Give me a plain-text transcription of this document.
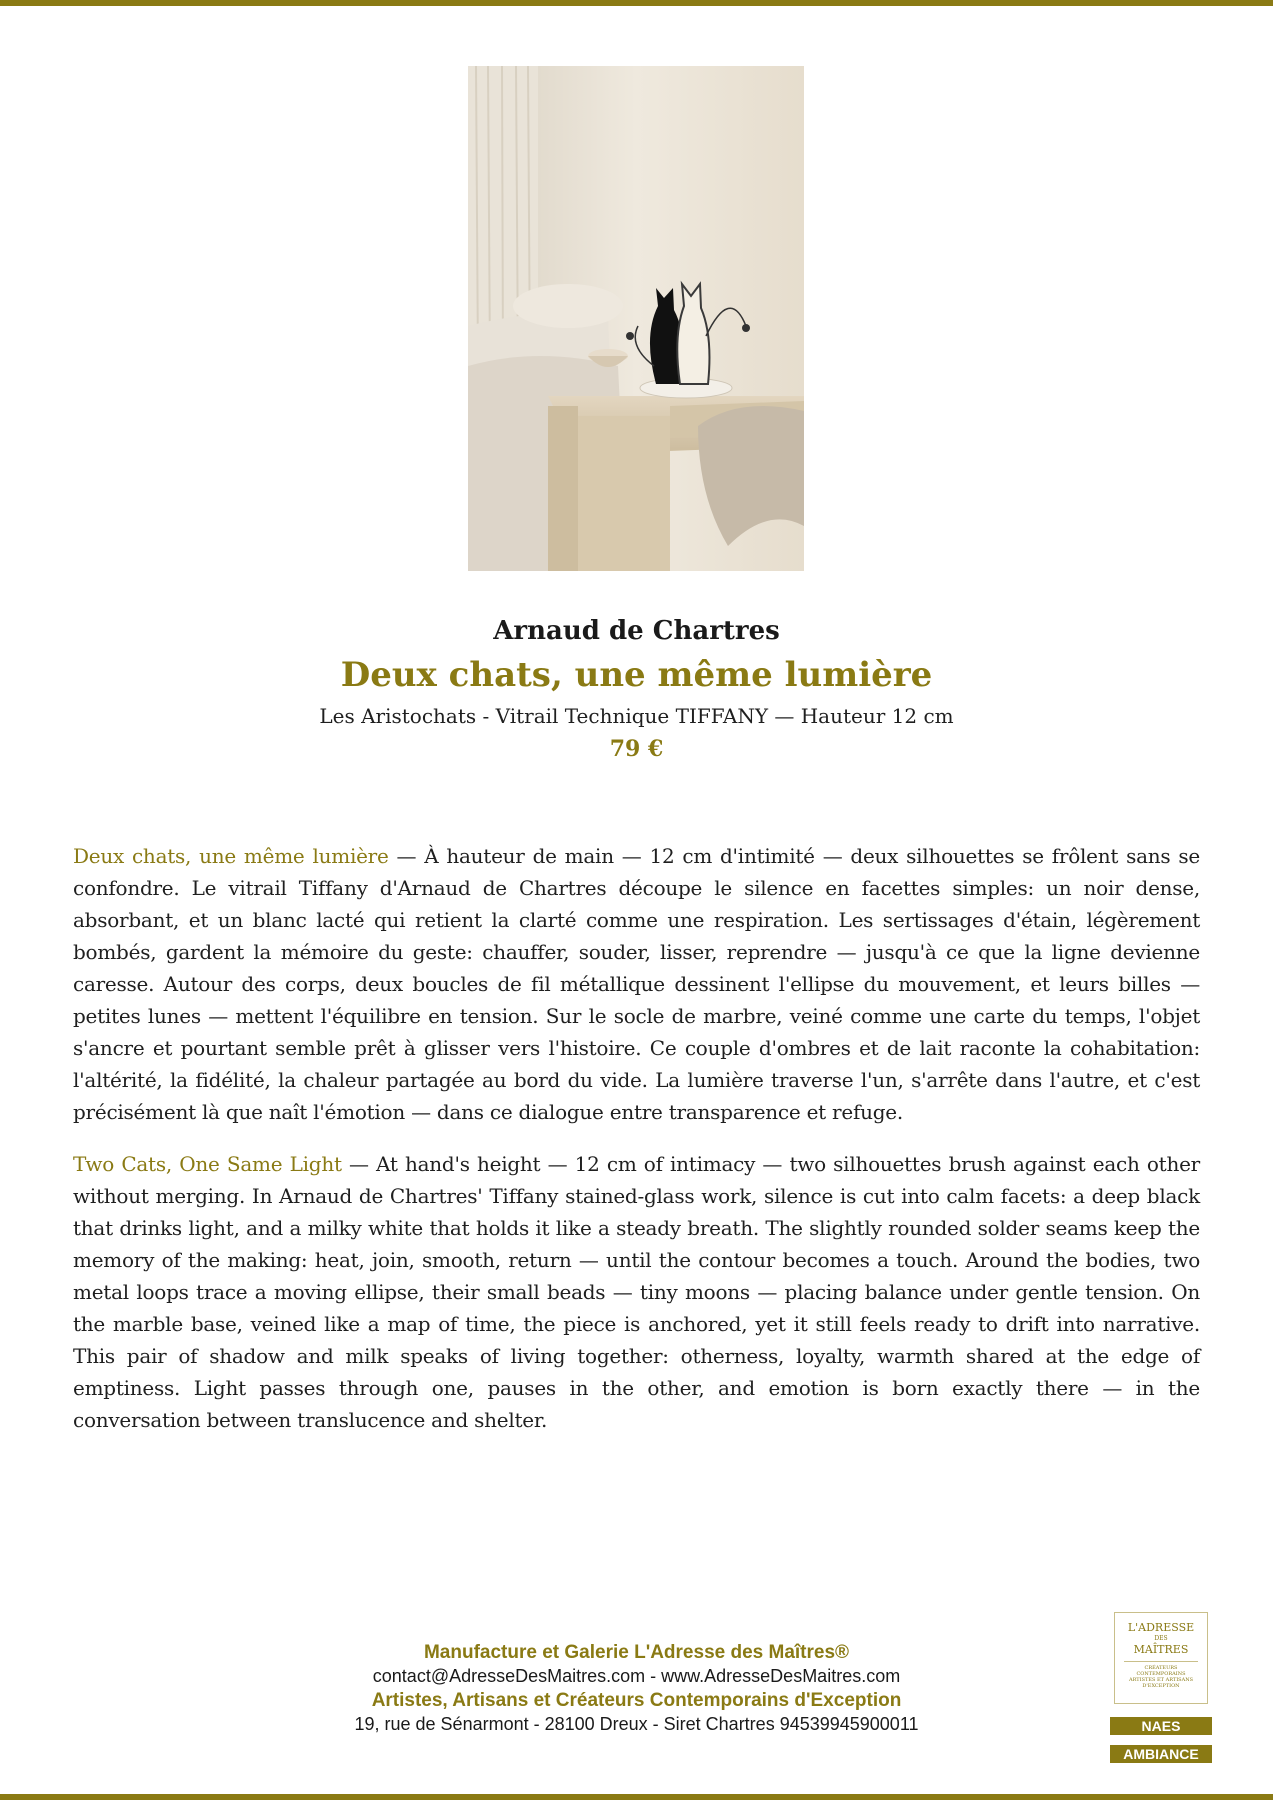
Arnaud de Chartres

Deux chats, une même lumière

Les Aristochats - Vitrail Technique TIFFANY — Hauteur 12 cm

79 €

Deux chats, une même lumière — À hauteur de main — 12 cm d'intimité — deux silhouettes se frôlent sans se confondre. Le vitrail Tiffany d'Arnaud de Chartres découpe le silence en facettes simples: un noir dense, absorbant, et un blanc lacté qui retient la clarté comme une respiration. Les sertissages d'étain, légèrement bombés, gardent la mémoire du geste: chauffer, souder, lisser, reprendre — jusqu'à ce que la ligne devienne caresse. Autour des corps, deux boucles de fil métallique dessinent l'ellipse du mouvement, et leurs billes — petites lunes — mettent l'équilibre en tension. Sur le socle de marbre, veiné comme une carte du temps, l'objet s'ancre et pourtant semble prêt à glisser vers l'histoire. Ce couple d'ombres et de lait raconte la cohabitation: l'altérité, la fidélité, la chaleur partagée au bord du vide. La lumière traverse l'un, s'arrête dans l'autre, et c'est précisément là que naît l'émotion — dans ce dialogue entre transparence et refuge.

Two Cats, One Same Light — At hand's height — 12 cm of intimacy — two silhouettes brush against each other without merging. In Arnaud de Chartres' Tiffany stained-glass work, silence is cut into calm facets: a deep black that drinks light, and a milky white that holds it like a steady breath. The slightly rounded solder seams keep the memory of the making: heat, join, smooth, return — until the contour becomes a touch. Around the bodies, two metal loops trace a moving ellipse, their small beads — tiny moons — placing balance under gentle tension. On the marble base, veined like a map of time, the piece is anchored, yet it still feels ready to drift into narrative. This pair of shadow and milk speaks of living together: otherness, loyalty, warmth shared at the edge of emptiness. Light passes through one, pauses in the other, and emotion is born exactly there — in the conversation between translucence and shelter.

Manufacture et Galerie L'Adresse des Maîtres®
contact@AdresseDesMaitres.com - www.AdresseDesMaitres.com
Artistes, Artisans et Créateurs Contemporains d'Exception
19, rue de Sénarmont - 28100 Dreux - Siret Chartres 94539945900011
L'ADRESSE
DES
MAÎTRES
CRÉATEURS CONTEMPORAINS ARTISTES ET ARTISANS D'EXCEPTION
NAES
AMBIANCE
